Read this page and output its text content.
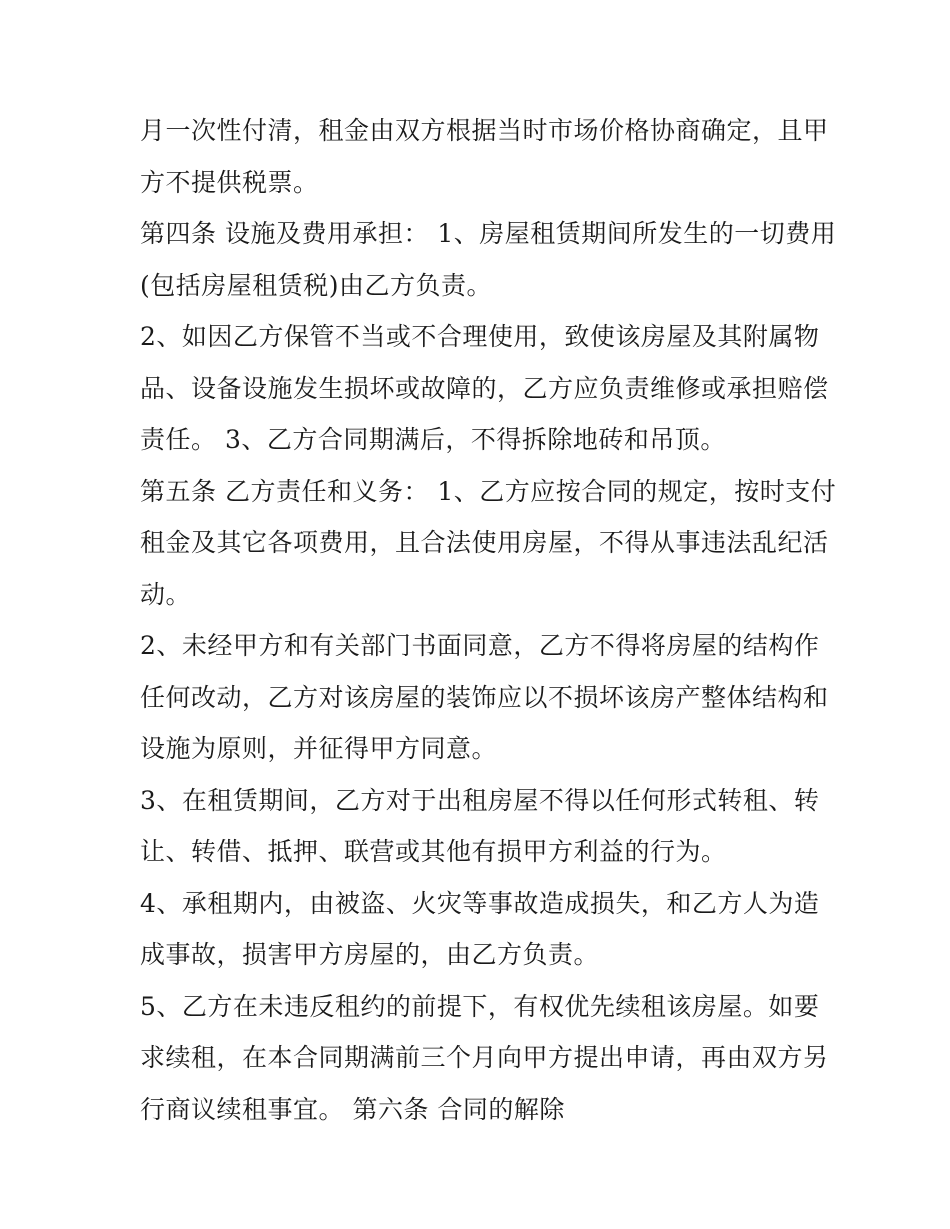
月一次性付清，租金由双方根据当时市场价格协商确定，且甲
方不提供税票。
第四条 设施及费用承担： 1、房屋租赁期间所发生的一切费用
(包括房屋租赁税)由乙方负责。
2、如因乙方保管不当或不合理使用，致使该房屋及其附属物
品、设备设施发生损坏或故障的，乙方应负责维修或承担赔偿
责任。 3、乙方合同期满后，不得拆除地砖和吊顶。
第五条 乙方责任和义务： 1、乙方应按合同的规定，按时支付
租金及其它各项费用，且合法使用房屋，不得从事违法乱纪活
动。
2、未经甲方和有关部门书面同意，乙方不得将房屋的结构作
任何改动，乙方对该房屋的装饰应以不损坏该房产整体结构和
设施为原则，并征得甲方同意。
3、在租赁期间，乙方对于出租房屋不得以任何形式转租、转
让、转借、抵押、联营或其他有损甲方利益的行为。
4、承租期内，由被盗、火灾等事故造成损失，和乙方人为造
成事故，损害甲方房屋的，由乙方负责。
5、乙方在未违反租约的前提下，有权优先续租该房屋。如要
求续租，在本合同期满前三个月向甲方提出申请，再由双方另
行商议续租事宜。 第六条 合同的解除
